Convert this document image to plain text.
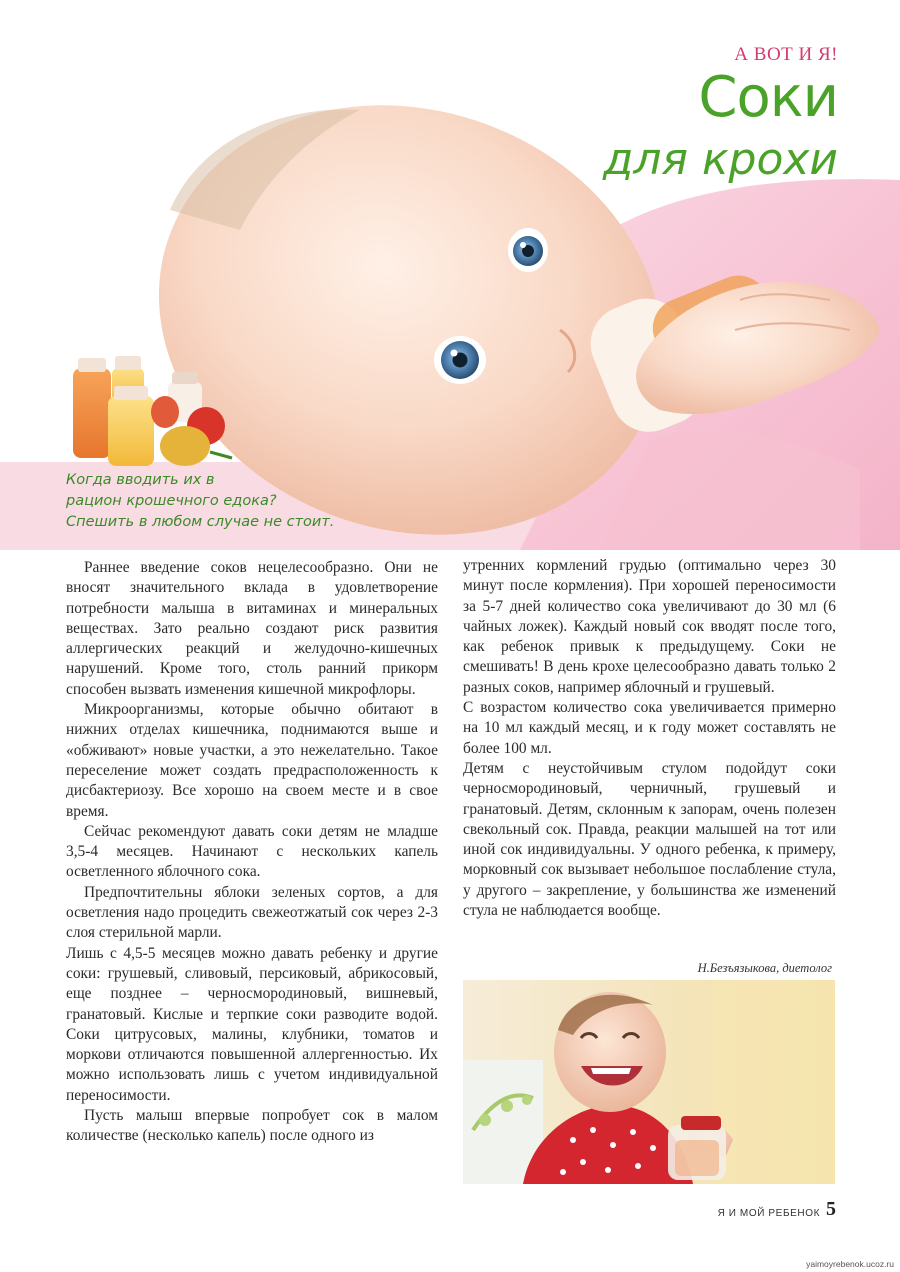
А ВОТ И Я!
Соки
для крохи
Когда вводить их в
рацион крошечного едока?
Спешить в любом случае не стоит.

Раннее введение соков нецелесообразно. Они не вносят значительного вклада в удовлетворение потребности малыша в витаминах и минеральных веществах. Зато реально создают риск развития аллергических реакций и желудочно-кишечных нарушений. Кроме того, столь ранний прикорм способен вызвать изменения кишечной микрофлоры.

Микроорганизмы, которые обычно обитают в нижних отделах кишечника, поднимаются выше и «обживают» новые участки, а это нежелательно. Такое переселение может создать предрасположенность к дисбактериозу. Все хорошо на своем месте и в свое время.

Сейчас рекомендуют давать соки детям не младше 3,5-4 месяцев. Начинают с нескольких капель осветленного яблочного сока.

Предпочтительны яблоки зеленых сортов, а для осветления надо процедить свежеотжатый сок через 2-3 слоя стерильной марли.

Лишь с 4,5-5 месяцев можно давать ребенку и другие соки: грушевый, сливовый, персиковый, абрикосовый, еще позднее – черносмородиновый, вишневый, гранатовый. Кислые и терпкие соки разводите водой. Соки цитрусовых, малины, клубники, томатов и моркови отличаются повышенной аллергенностью. Их можно использовать лишь с учетом индивидуальной переносимости.

Пусть малыш впервые попробует сок в малом количестве (несколько капель) после одного из

утренних кормлений грудью (оптимально через 30 минут после кормления). При хорошей переносимости за 5-7 дней количество сока увеличивают до 30 мл (6 чайных ложек). Каждый новый сок вводят после того, как ребенок привык к предыдущему. Соки не смешивать! В день крохе целесообразно давать только 2 разных соков, например яблочный и грушевый.

С возрастом количество сока увеличивается примерно на 10 мл каждый месяц, и к году может составлять не более 100 мл.

Детям с неустойчивым стулом подойдут соки черносмородиновый, черничный, грушевый и гранатовый. Детям, склонным к запорам, очень полезен свекольный сок. Правда, реакции малышей на тот или иной сок индивидуальны. У одного ребенка, к примеру, морковный сок вызывает небольшое послабление стула, у другого – закрепление, у большинства же изменений стула не наблюдается вообще.

Н.Безъязыкова, диетолог
Я И МОЙ РЕБЕНОК 5
yaimoyrebenok.ucoz.ru
